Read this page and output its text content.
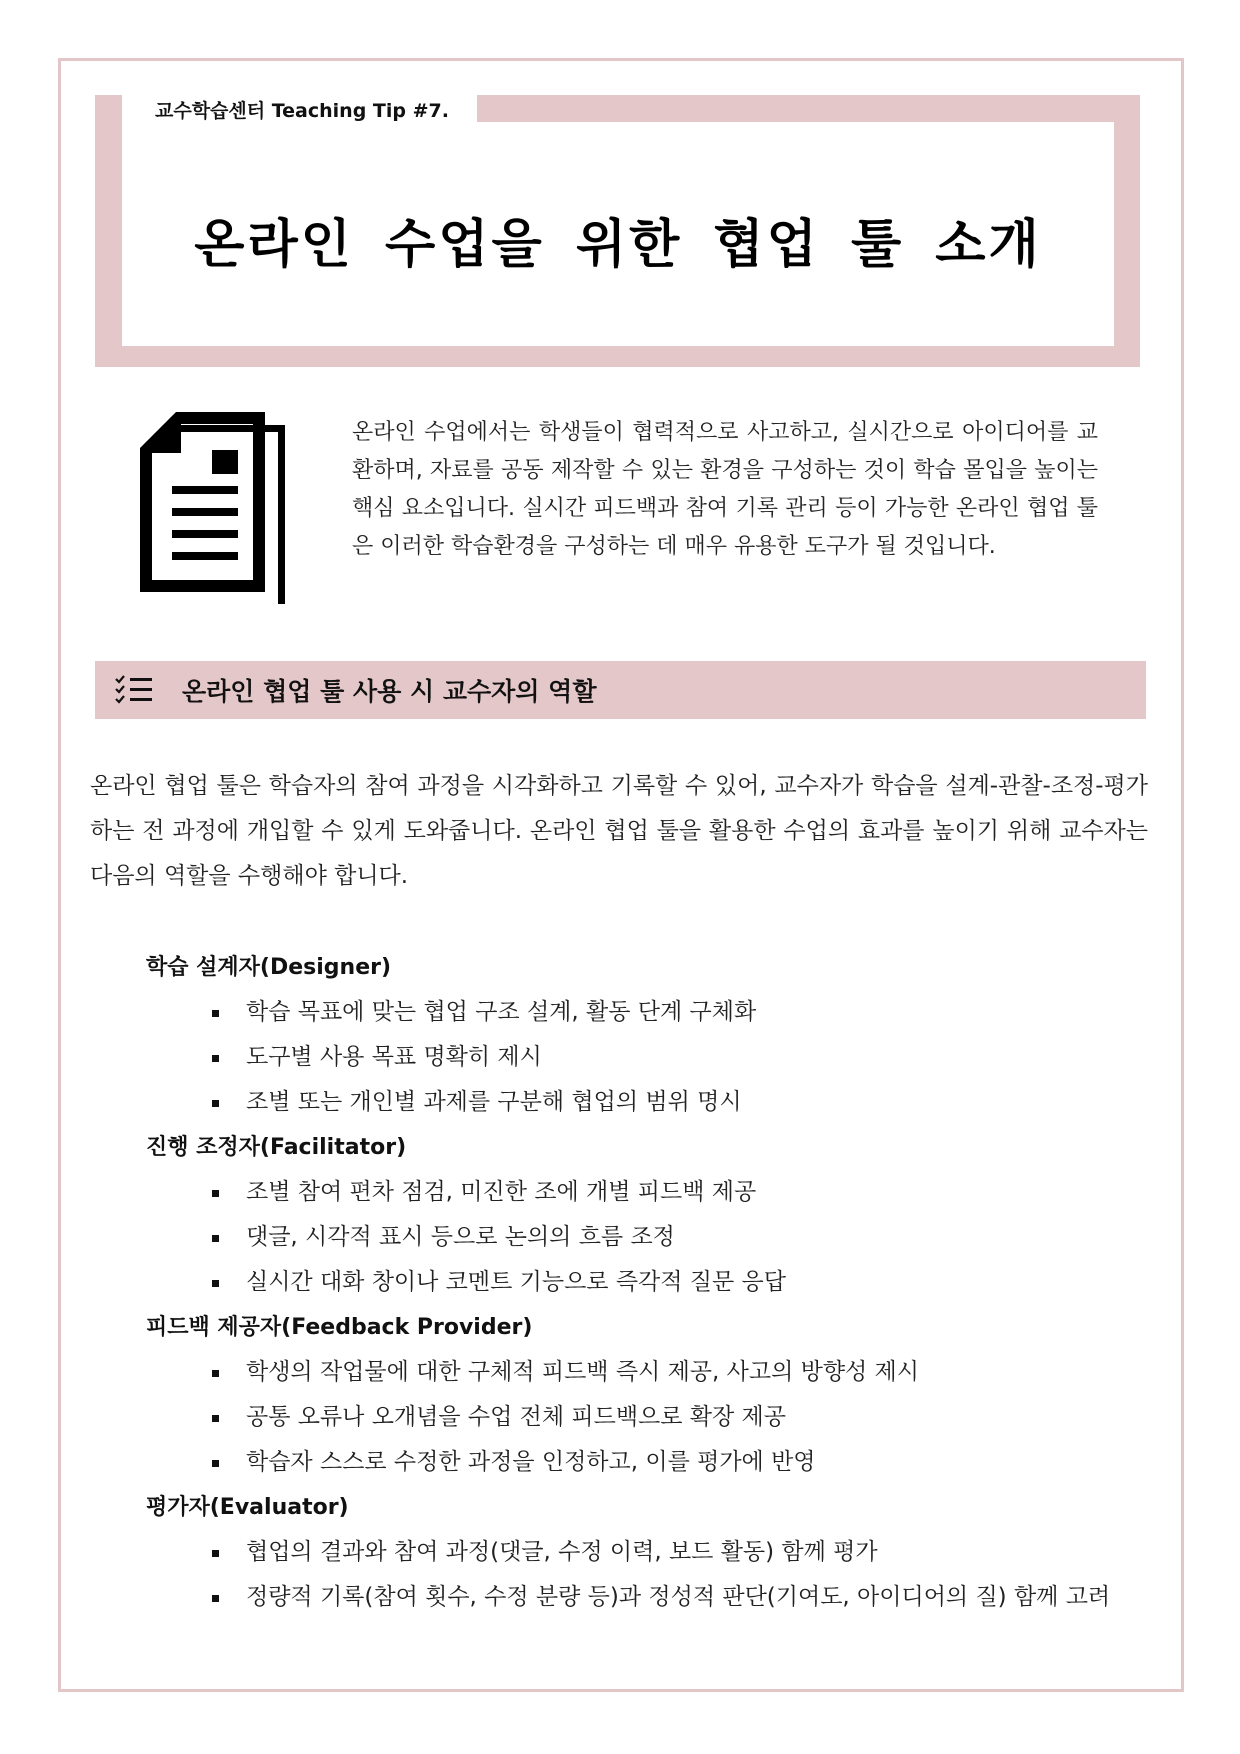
온라인 수업을 위한 협업 툴 소개
교수학습센터 Teaching Tip #7.
온라인 수업에서는 학생들이 협력적으로 사고하고, 실시간으로 아이디어를 교환하며, 자료를 공동 제작할 수 있는 환경을 구성하는 것이 학습 몰입을 높이는 핵심 요소입니다. 실시간 피드백과 참여 기록 관리 등이 가능한 온라인 협업 툴은 이러한 학습환경을 구성하는 데 매우 유용한 도구가 될 것입니다.
온라인 협업 툴 사용 시 교수자의 역할
온라인 협업 툴은 학습자의 참여 과정을 시각화하고 기록할 수 있어, 교수자가 학습을 설계-관찰-조정-평가하는 전 과정에 개입할 수 있게 도와줍니다. 온라인 협업 툴을 활용한 수업의 효과를 높이기 위해 교수자는 다음의 역할을 수행해야 합니다.
학습 설계자(Designer)
학습 목표에 맞는 협업 구조 설계, 활동 단계 구체화
도구별 사용 목표 명확히 제시
조별 또는 개인별 과제를 구분해 협업의 범위 명시
진행 조정자(Facilitator)
조별 참여 편차 점검, 미진한 조에 개별 피드백 제공
댓글, 시각적 표시 등으로 논의의 흐름 조정
실시간 대화 창이나 코멘트 기능으로 즉각적 질문 응답
피드백 제공자(Feedback Provider)
학생의 작업물에 대한 구체적 피드백 즉시 제공, 사고의 방향성 제시
공통 오류나 오개념을 수업 전체 피드백으로 확장 제공
학습자 스스로 수정한 과정을 인정하고, 이를 평가에 반영
평가자(Evaluator)
협업의 결과와 참여 과정(댓글, 수정 이력, 보드 활동) 함께 평가
정량적 기록(참여 횟수, 수정 분량 등)과 정성적 판단(기여도, 아이디어의 질) 함께 고려
